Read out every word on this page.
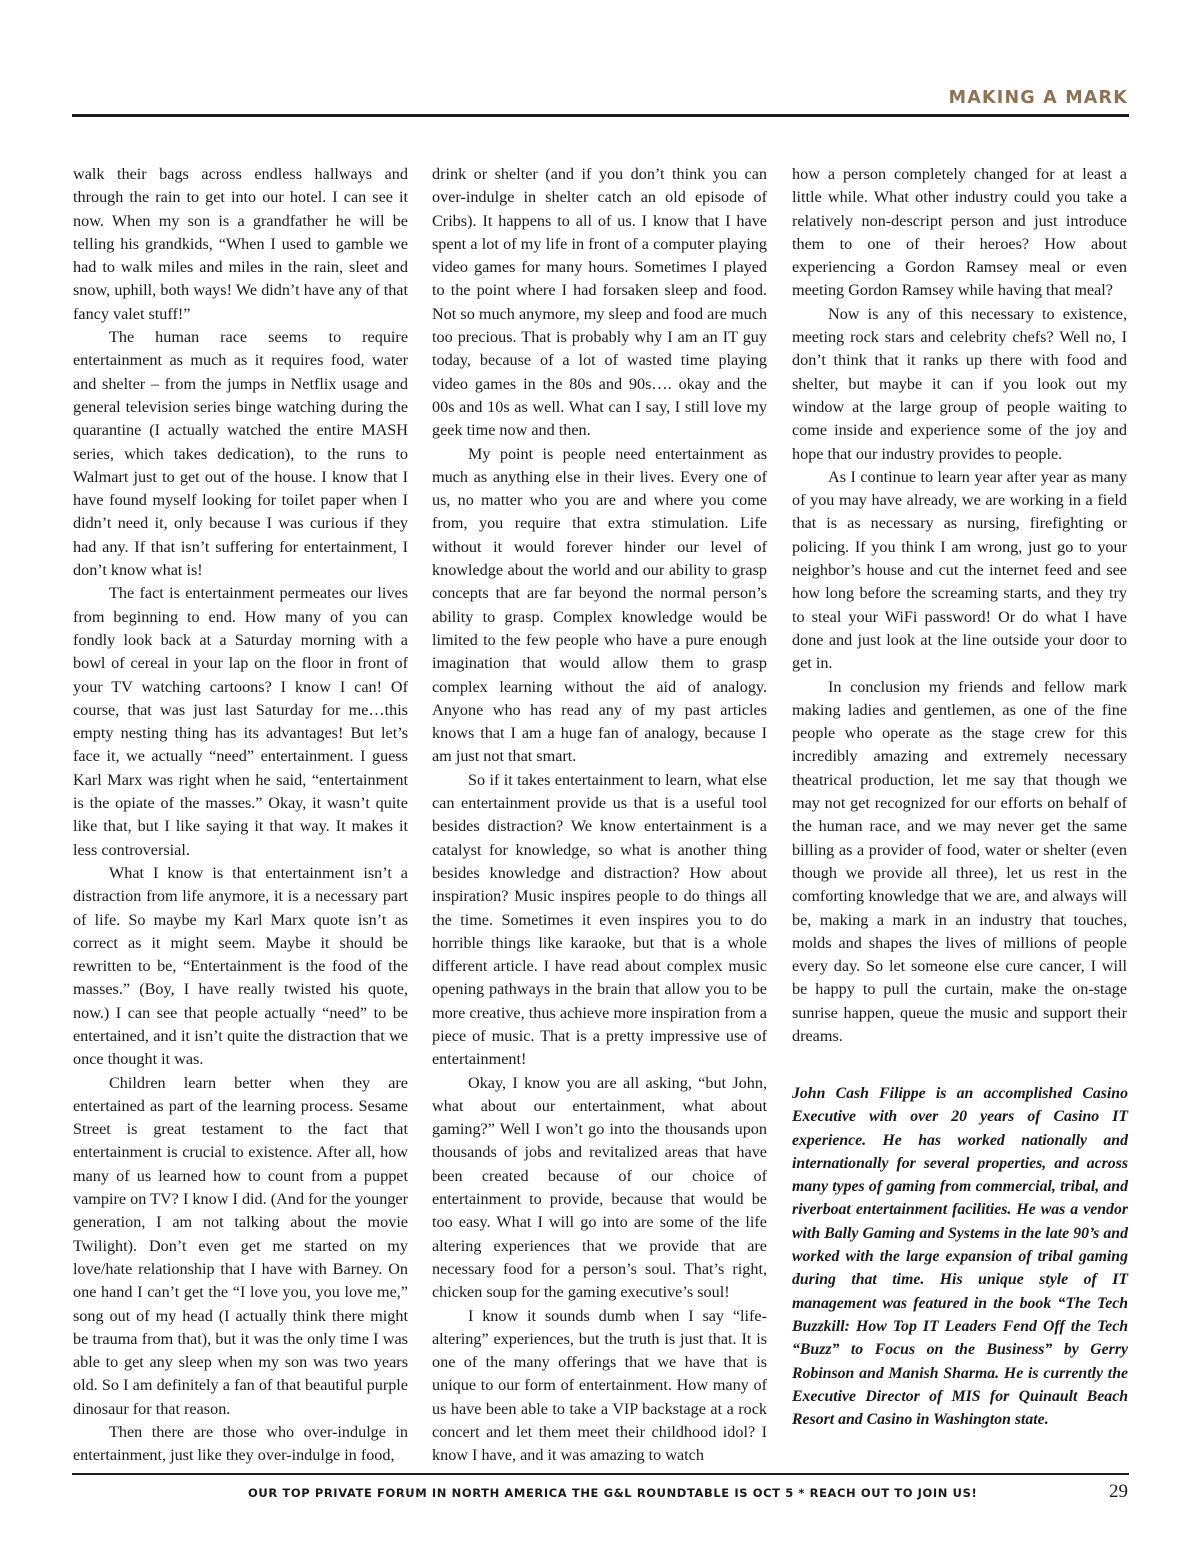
MAKING A MARK

walk their bags across endless hallways and through the rain to get into our hotel. I can see it now. When my son is a grandfather he will be telling his grandkids, “When I used to gamble we had to walk miles and miles in the rain, sleet and snow, uphill, both ways! We didn’t have any of that fancy valet stuff!”

The human race seems to require entertainment as much as it requires food, water and shelter – from the jumps in Netflix usage and general television series binge watching during the quarantine (I actually watched the entire MASH series, which takes dedication), to the runs to Walmart just to get out of the house. I know that I have found myself looking for toilet paper when I didn’t need it, only because I was curious if they had any. If that isn’t suffering for entertainment, I don’t know what is!

The fact is entertainment permeates our lives from beginning to end. How many of you can fondly look back at a Saturday morning with a bowl of cereal in your lap on the floor in front of your TV watching cartoons? I know I can! Of course, that was just last Saturday for me…this empty nesting thing has its advantages! But let’s face it, we actually “need” entertainment. I guess Karl Marx was right when he said, “entertainment is the opiate of the masses.” Okay, it wasn’t quite like that, but I like saying it that way. It makes it less controversial.

What I know is that entertainment isn’t a distraction from life anymore, it is a necessary part of life. So maybe my Karl Marx quote isn’t as correct as it might seem. Maybe it should be rewritten to be, “Entertainment is the food of the masses.” (Boy, I have really twisted his quote, now.) I can see that people actually “need” to be entertained, and it isn’t quite the distraction that we once thought it was.

Children learn better when they are entertained as part of the learning process. Sesame Street is great testament to the fact that entertainment is crucial to existence. After all, how many of us learned how to count from a puppet vampire on TV? I know I did. (And for the younger generation, I am not talking about the movie Twilight). Don’t even get me started on my love/hate relationship that I have with Barney. On one hand I can’t get the “I love you, you love me,” song out of my head (I actually think there might be trauma from that), but it was the only time I was able to get any sleep when my son was two years old. So I am definitely a fan of that beautiful purple dinosaur for that reason.

Then there are those who over-indulge in entertainment, just like they over-indulge in food,

drink or shelter (and if you don’t think you can over-indulge in shelter catch an old episode of Cribs). It happens to all of us. I know that I have spent a lot of my life in front of a computer playing video games for many hours. Sometimes I played to the point where I had forsaken sleep and food. Not so much anymore, my sleep and food are much too precious. That is probably why I am an IT guy today, because of a lot of wasted time playing video games in the 80s and 90s…. okay and the 00s and 10s as well. What can I say, I still love my geek time now and then.

My point is people need entertainment as much as anything else in their lives. Every one of us, no matter who you are and where you come from, you require that extra stimulation. Life without it would forever hinder our level of knowledge about the world and our ability to grasp concepts that are far beyond the normal person’s ability to grasp. Complex knowledge would be limited to the few people who have a pure enough imagination that would allow them to grasp complex learning without the aid of analogy. Anyone who has read any of my past articles knows that I am a huge fan of analogy, because I am just not that smart.

So if it takes entertainment to learn, what else can entertainment provide us that is a useful tool besides distraction? We know entertainment is a catalyst for knowledge, so what is another thing besides knowledge and distraction? How about inspiration? Music inspires people to do things all the time. Sometimes it even inspires you to do horrible things like karaoke, but that is a whole different article. I have read about complex music opening pathways in the brain that allow you to be more creative, thus achieve more inspiration from a piece of music. That is a pretty impressive use of entertainment!

Okay, I know you are all asking, “but John, what about our entertainment, what about gaming?” Well I won’t go into the thousands upon thousands of jobs and revitalized areas that have been created because of our choice of entertainment to provide, because that would be too easy. What I will go into are some of the life altering experiences that we provide that are necessary food for a person’s soul. That’s right, chicken soup for the gaming executive’s soul!

I know it sounds dumb when I say “life-altering” experiences, but the truth is just that. It is one of the many offerings that we have that is unique to our form of entertainment. How many of us have been able to take a VIP backstage at a rock concert and let them meet their childhood idol? I know I have, and it was amazing to watch

how a person completely changed for at least a little while. What other industry could you take a relatively non-descript person and just introduce them to one of their heroes? How about experiencing a Gordon Ramsey meal or even meeting Gordon Ramsey while having that meal?

Now is any of this necessary to existence, meeting rock stars and celebrity chefs? Well no, I don’t think that it ranks up there with food and shelter, but maybe it can if you look out my window at the large group of people waiting to come inside and experience some of the joy and hope that our industry provides to people.

As I continue to learn year after year as many of you may have already, we are working in a field that is as necessary as nursing, firefighting or policing. If you think I am wrong, just go to your neighbor’s house and cut the internet feed and see how long before the screaming starts, and they try to steal your WiFi password! Or do what I have done and just look at the line outside your door to get in.

In conclusion my friends and fellow mark making ladies and gentlemen, as one of the fine people who operate as the stage crew for this incredibly amazing and extremely necessary theatrical production, let me say that though we may not get recognized for our efforts on behalf of the human race, and we may never get the same billing as a provider of food, water or shelter (even though we provide all three), let us rest in the comforting knowledge that we are, and always will be, making a mark in an industry that touches, molds and shapes the lives of millions of people every day. So let someone else cure cancer, I will be happy to pull the curtain, make the on-stage sunrise happen, queue the music and support their dreams.

John Cash Filippe is an accomplished Casino Executive with over 20 years of Casino IT experience. He has worked nationally and internationally for several properties, and across many types of gaming from commercial, tribal, and riverboat entertainment facilities. He was a vendor with Bally Gaming and Systems in the late 90’s and worked with the large expansion of tribal gaming during that time. His unique style of IT management was featured in the book “The Tech Buzzkill: How Top IT Leaders Fend Off the Tech “Buzz” to Focus on the Business” by Gerry Robinson and Manish Sharma. He is currently the Executive Director of MIS for Quinault Beach Resort and Casino in Washington state.

OUR TOP PRIVATE FORUM IN NORTH AMERICA THE G&L ROUNDTABLE IS OCT 5 * REACH OUT TO JOIN US!	29
